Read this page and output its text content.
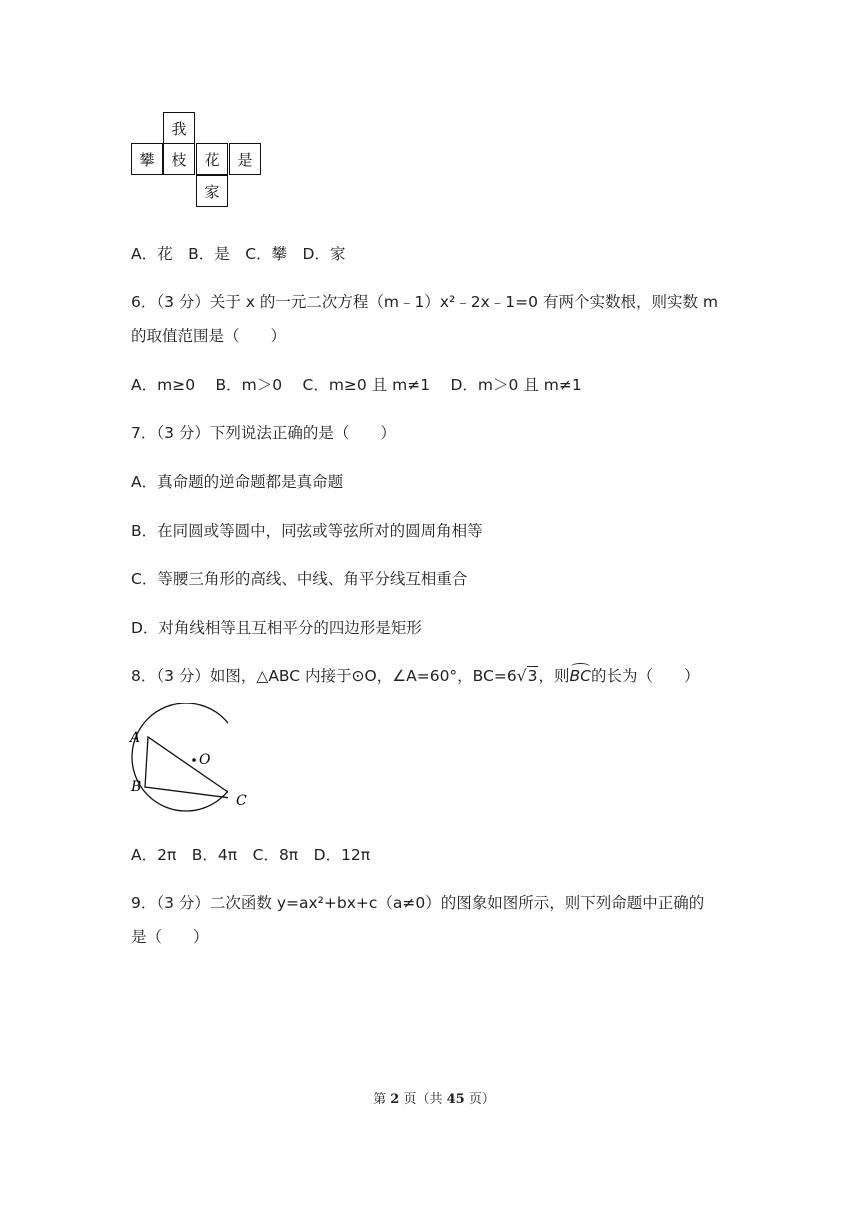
我
攀	枝	花	是
家
A．花　B．是　C．攀　D．家
6．（3 分）关于 x 的一元二次方程（m﹣1）x²﹣2x﹣1=0 有两个实数根，则实数 m
的取值范围是（　　）
A．m≥0　 B．m＞0　 C．m≥0 且 m≠1　 D．m＞0 且 m≠1
7．（3 分）下列说法正确的是（　　）
A．真命题的逆命题都是真命题
B．在同圆或等圆中，同弦或等弦所对的圆周角相等
C．等腰三角形的高线、中线、角平分线互相重合
D．对角线相等且互相平分的四边形是矩形
8．（3 分）如图，△ABC 内接于⊙O，∠A=60°，BC=6√3，则BC的长为（　　）
O
A
B
C
A．2π　B．4π　C．8π　D．12π
9．（3 分）二次函数 y=ax²+bx+c（a≠0）的图象如图所示，则下列命题中正确的
是（　　）
第 2 页（共 45 页）
